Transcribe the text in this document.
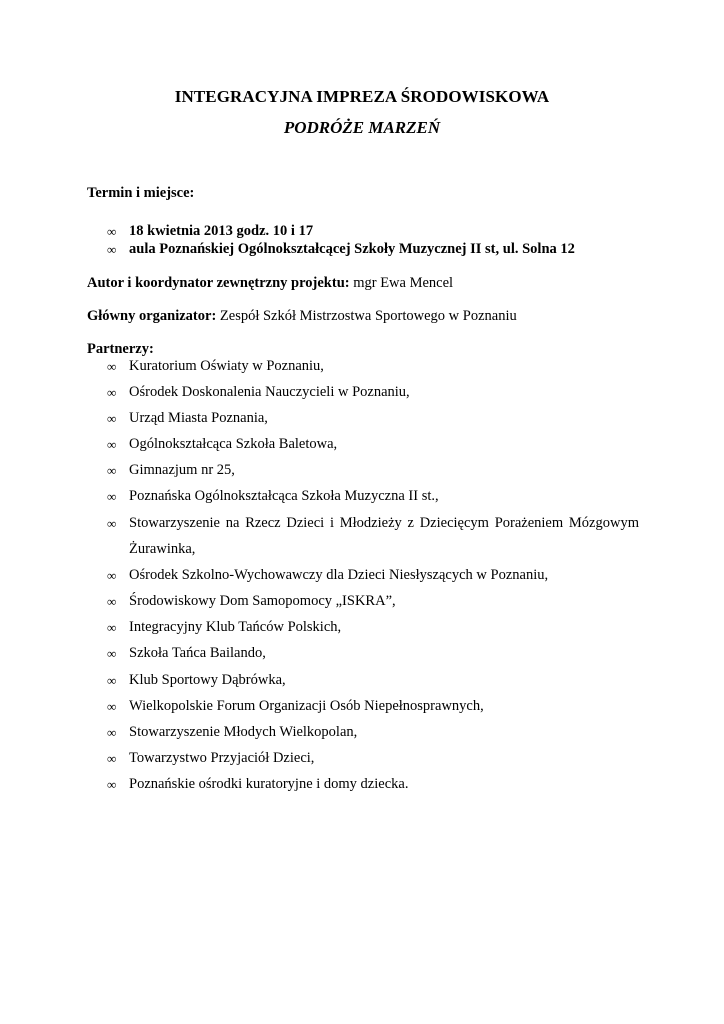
INTEGRACYJNA IMPREZA ŚRODOWISKOWA
PODRÓŻE MARZEŃ
Termin i miejsce:
∞ 18 kwietnia 2013 godz. 10 i 17
∞ aula Poznańskiej Ogólnokształcącej Szkoły Muzycznej II st, ul. Solna 12
Autor i koordynator zewnętrzny projektu: mgr Ewa Mencel
Główny organizator: Zespół Szkół Mistrzostwa Sportowego w Poznaniu
Partnerzy:
∞ Kuratorium Oświaty w Poznaniu,
∞ Ośrodek Doskonalenia Nauczycieli w Poznaniu,
∞ Urząd Miasta Poznania,
∞ Ogólnokształcąca Szkoła Baletowa,
∞ Gimnazjum nr 25,
∞ Poznańska Ogólnokształcąca Szkoła Muzyczna II st.,
∞ Stowarzyszenie na Rzecz Dzieci i Młodzieży z Dziecięcym Porażeniem Mózgowym
Żurawinka,
∞ Ośrodek Szkolno-Wychowawczy dla Dzieci Niesłyszących w Poznaniu,
∞ Środowiskowy Dom Samopomocy „ISKRA”,
∞ Integracyjny Klub Tańców Polskich,
∞ Szkoła Tańca Bailando,
∞ Klub Sportowy Dąbrówka,
∞ Wielkopolskie Forum Organizacji Osób Niepełnosprawnych,
∞ Stowarzyszenie Młodych Wielkopolan,
∞ Towarzystwo Przyjaciół Dzieci,
∞ Poznańskie ośrodki kuratoryjne i domy dziecka.
